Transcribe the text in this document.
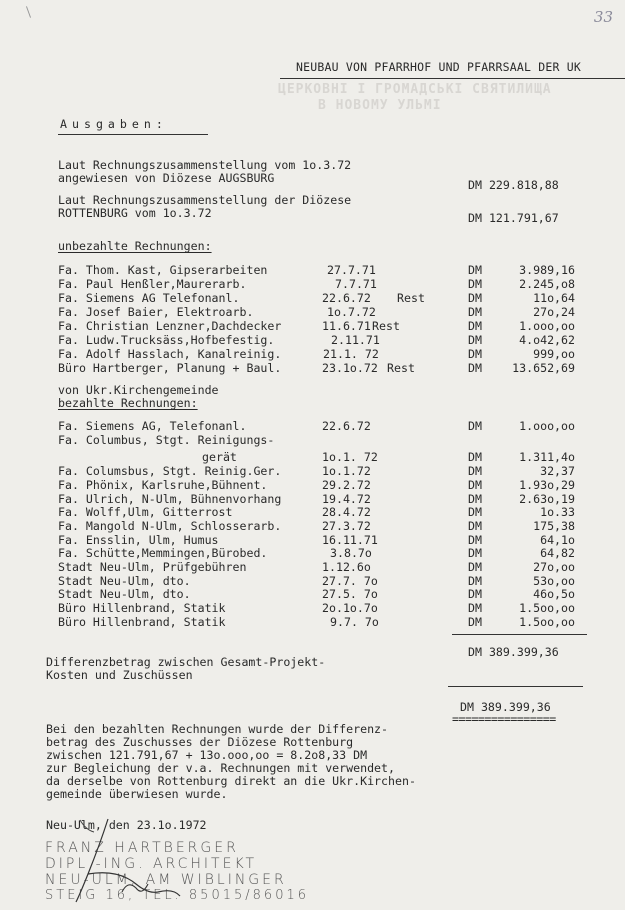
ЦЕРКОВНІ І ГРОМАДСЬКІ СВЯТИЛИЩА
В НОВОМУ УЛЬМІ
33
NEUBAU VON PFARRHOF UND PFARRSAAL DER UK
Ausgaben:
Laut Rechnungszusammenstellung vom 1o.3.72
angewiesen von Diözese AUGSBURG	DM 229.818,88
Laut Rechnungszusammenstellung der Diözese
ROTTENBURG vom 1o.3.72	DM 121.791,67
unbezahlte Rechnungen:
Fa. Thom. Kast, Gipserarbeiten	27.7.71	DM	3.989,16
Fa. Paul Henßler,Maurerarb.	7.7.71	DM	2.245,o8
Fa. Siemens AG Telefonanl.	22.6.72 Rest	DM	11o,64
Fa. Josef Baier, Elektroarb.	1o.7.72	DM	27o,24
Fa. Christian Lenzner,Dachdecker	11.6.71 Rest	DM	1.ooo,oo
Fa. Ludw.Trucksäss,Hofbefestig.	2.11.71	DM	4.o42,62
Fa. Adolf Hasslach, Kanalreinig.	21.1. 72	DM	999,oo
Büro Hartberger, Planung + Baul.	23.1o.72 Rest	DM	13.652,69
von Ukr.Kirchengemeinde
bezahlte Rechnungen:
Fa. Siemens AG, Telefonanl.	22.6.72	DM	1.ooo,oo
Fa. Columbus, Stgt. Reinigungs-
gerät	1o.1. 72	DM	1.311,4o
Fa. Columsbus, Stgt. Reinig.Ger.	1o.1.72	DM	32,37
Fa. Phönix, Karlsruhe,Bühnent.	29.2.72	DM	1.93o,29
Fa. Ulrich, N-Ulm, Bühnenvorhang	19.4.72	DM	2.63o,19
Fa. Wolff,Ulm, Gitterrost	28.4.72	DM	1o.33
Fa. Mangold N-Ulm, Schlosserarb.	27.3.72	DM	175,38
Fa. Ensslin, Ulm, Humus	16.11.71	DM	64,1o
Fa. Schütte,Memmingen,Bürobed.	3.8.7o	DM	64,82
Stadt Neu-Ulm, Prüfgebühren	1.12.6o	DM	27o,oo
Stadt Neu-Ulm, dto.	27.7. 7o	DM	53o,oo
Stadt Neu-Ulm, dto.	27.5. 7o	DM	46o,5o
Büro Hillenbrand, Statik	2o.1o.7o	DM	1.5oo,oo
Büro Hillenbrand, Statik	9.7. 7o	DM	1.5oo,oo
DM 389.399,36
Differenzbetrag zwischen Gesamt-Projekt-
Kosten und Zuschüssen
DM 389.399,36
================
Bei den bezahlten Rechnungen wurde der Differenz-
betrag des Zuschusses der Diözese Rottenburg
zwischen 121.791,67 + 13o.ooo,oo = 8.2o8,33 DM
zur Begleichung der v.a. Rechnungen mit verwendet,
da derselbe von Rottenburg direkt an die Ukr.Kirchen-
gemeinde überwiesen wurde.
Neu-Ulm, den 23.1o.1972
FRANZ HARTBERGER
DIPL.-ING. ARCHITEKT
NEU-ULM, AM WIBLINGER
STEIG 16, TEL. 85015/86016
